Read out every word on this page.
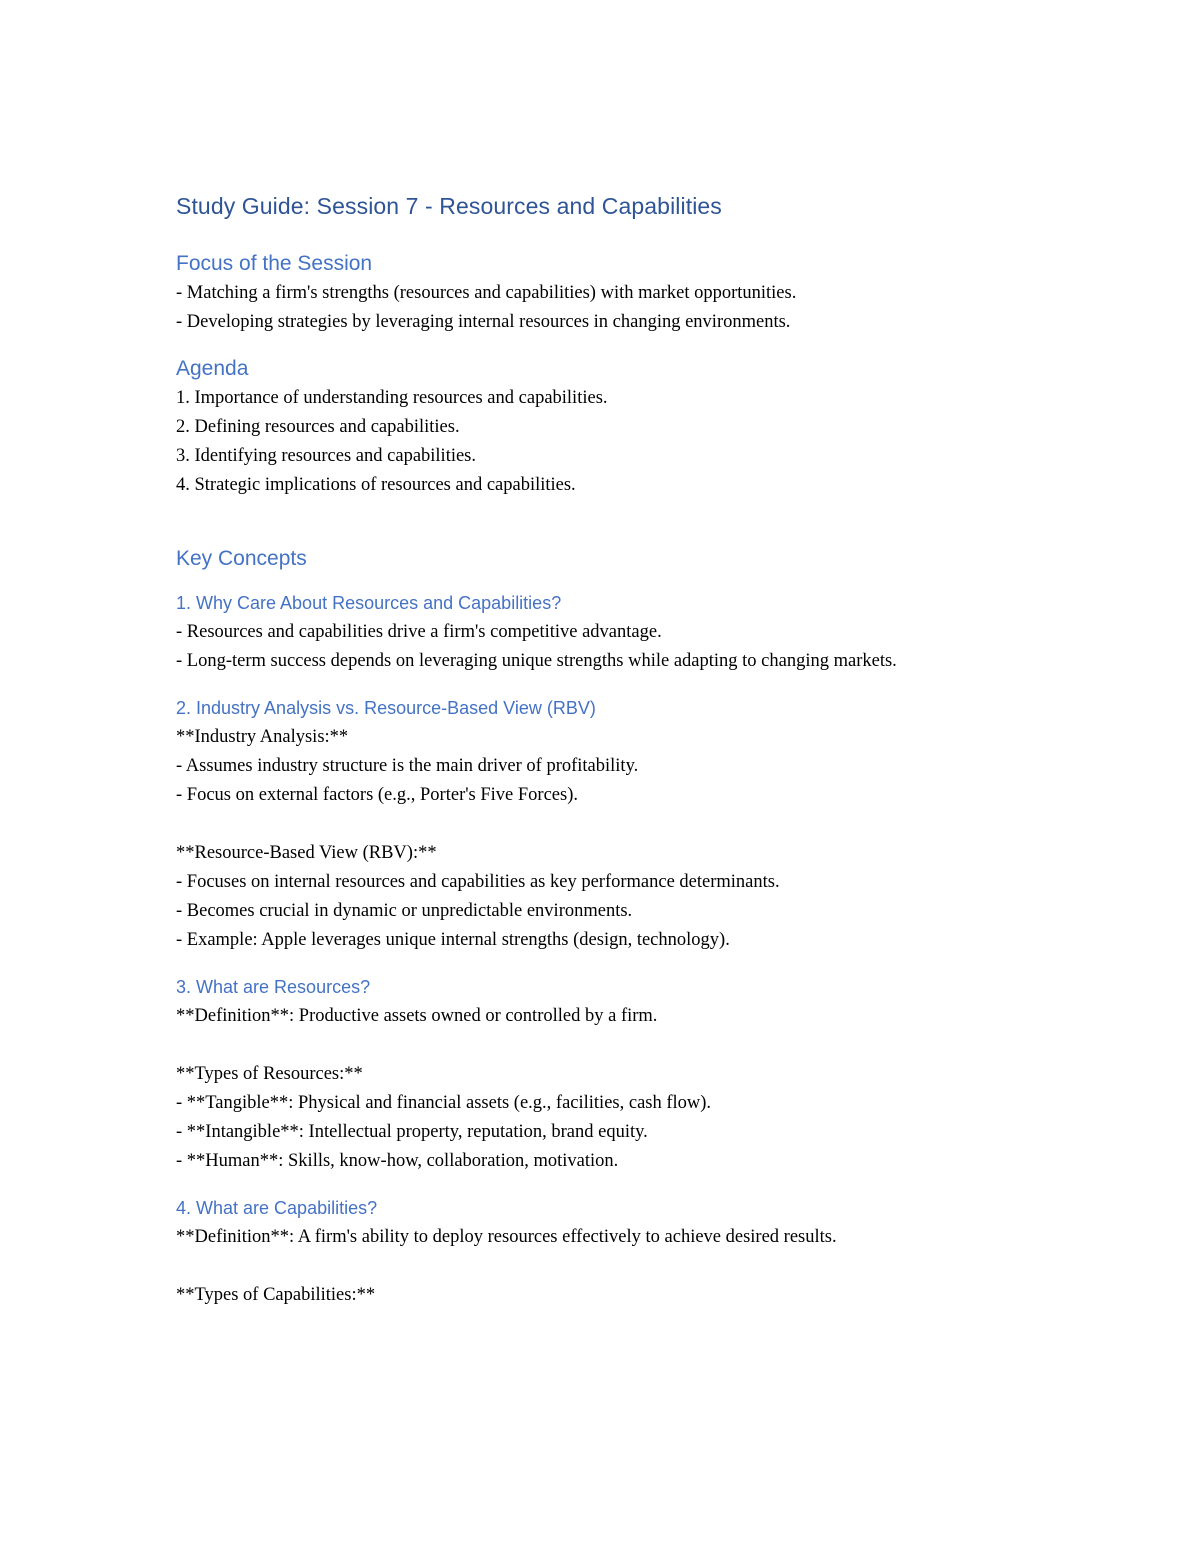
Study Guide: Session 7 - Resources and Capabilities
Focus of the Session
- Matching a firm's strengths (resources and capabilities) with market opportunities.
- Developing strategies by leveraging internal resources in changing environments.
Agenda
1. Importance of understanding resources and capabilities.
2. Defining resources and capabilities.
3. Identifying resources and capabilities.
4. Strategic implications of resources and capabilities.
Key Concepts
1. Why Care About Resources and Capabilities?
- Resources and capabilities drive a firm's competitive advantage.
- Long-term success depends on leveraging unique strengths while adapting to changing markets.
2. Industry Analysis vs. Resource-Based View (RBV)
**Industry Analysis:**
- Assumes industry structure is the main driver of profitability.
- Focus on external factors (e.g., Porter's Five Forces).
**Resource-Based View (RBV):**
- Focuses on internal resources and capabilities as key performance determinants.
- Becomes crucial in dynamic or unpredictable environments.
- Example: Apple leverages unique internal strengths (design, technology).
3. What are Resources?
**Definition**: Productive assets owned or controlled by a firm.
**Types of Resources:**
- **Tangible**: Physical and financial assets (e.g., facilities, cash flow).
- **Intangible**: Intellectual property, reputation, brand equity.
- **Human**: Skills, know-how, collaboration, motivation.
4. What are Capabilities?
**Definition**: A firm's ability to deploy resources effectively to achieve desired results.
**Types of Capabilities:**
